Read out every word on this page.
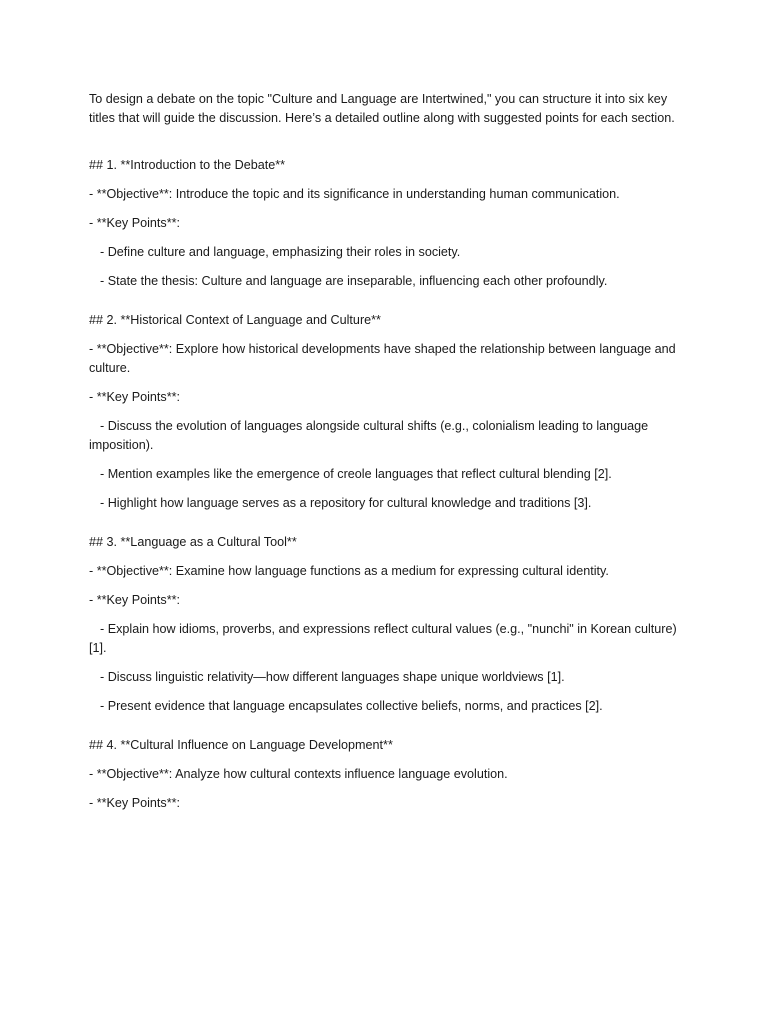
To design a debate on the topic "Culture and Language are Intertwined," you can structure it into six key titles that will guide the discussion. Here’s a detailed outline along with suggested points for each section.

## 1. **Introduction to the Debate**

- **Objective**: Introduce the topic and its significance in understanding human communication.

- **Key Points**:

- Define culture and language, emphasizing their roles in society.

- State the thesis: Culture and language are inseparable, influencing each other profoundly.

## 2. **Historical Context of Language and Culture**

- **Objective**: Explore how historical developments have shaped the relationship between language and culture.

- **Key Points**:

- Discuss the evolution of languages alongside cultural shifts (e.g., colonialism leading to language imposition).

- Mention examples like the emergence of creole languages that reflect cultural blending [2].

- Highlight how language serves as a repository for cultural knowledge and traditions [3].

## 3. **Language as a Cultural Tool**

- **Objective**: Examine how language functions as a medium for expressing cultural identity.

- **Key Points**:

- Explain how idioms, proverbs, and expressions reflect cultural values (e.g., "nunchi" in Korean culture) [1].

- Discuss linguistic relativity—how different languages shape unique worldviews [1].

- Present evidence that language encapsulates collective beliefs, norms, and practices [2].

## 4. **Cultural Influence on Language Development**

- **Objective**: Analyze how cultural contexts influence language evolution.

- **Key Points**:
